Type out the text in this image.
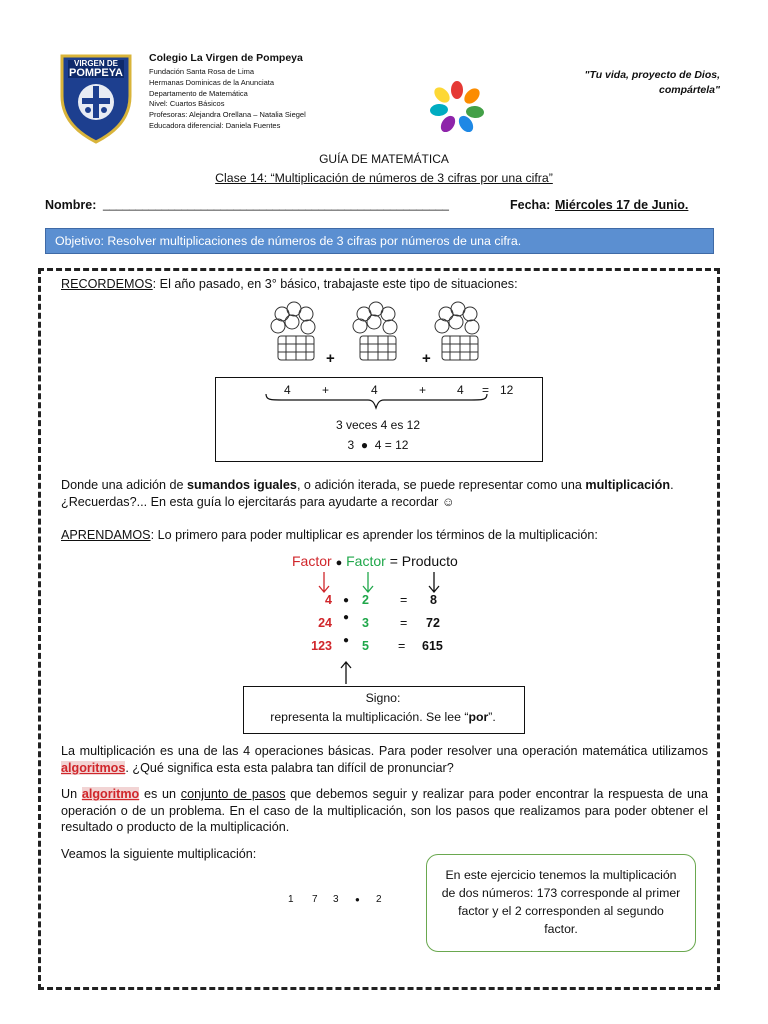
VIRGEN DE
POMPEYA
Colegio La Virgen de Pompeya
Fundación Santa Rosa de Lima
Hermanas Dominicas de la Anunciata
Departamento de Matemática
Nivel: Cuartos Básicos
Profesoras: Alejandra Orellana – Natalia Siegel
Educadora diferencial: Daniela Fuentes
"Tu vida, proyecto de Dios,
compártela"
GUÍA DE MATEMÁTICA
Clase 14: “Multiplicación de números de 3 cifras por una cifra”
Nombre: _____________________________________________________	Fecha: Miércoles 17 de Junio.
Objetivo: Resolver multiplicaciones de números de 3 cifras por números de una cifra.
RECORDEMOS: El año pasado, en 3° básico, trabajaste este tipo de situaciones:
+	+
4	+	4	+	4 = 12
3 veces 4 es 12
3  ●  4 = 12
Donde una adición de sumandos iguales, o adición iterada, se puede representar como una multiplicación. ¿Recuerdas?... En esta guía lo ejercitarás para ayudarte a recordar ☺
APRENDAMOS: Lo primero para poder multiplicar es aprender los términos de la multiplicación:
Factor ● Factor = Producto
4 ● 2 = 8
24 ● 3 = 72
123 ● 5 = 615
Signo:
representa la multiplicación. Se lee “por”.
La multiplicación es una de las 4 operaciones básicas. Para poder resolver una operación matemática utilizamos algoritmos. ¿Qué significa esta esta palabra tan difícil de pronunciar?
Un algoritmo es un conjunto de pasos que debemos seguir y realizar para poder encontrar la respuesta de una operación o de un problema. En el caso de la multiplicación, son los pasos que realizamos para poder obtener el resultado o producto de la multiplicación.
Veamos la siguiente multiplicación:
1 7 3 ● 2
En este ejercicio tenemos la multiplicación de dos números: 173 corresponde al primer factor y el 2 corresponden al segundo factor.
